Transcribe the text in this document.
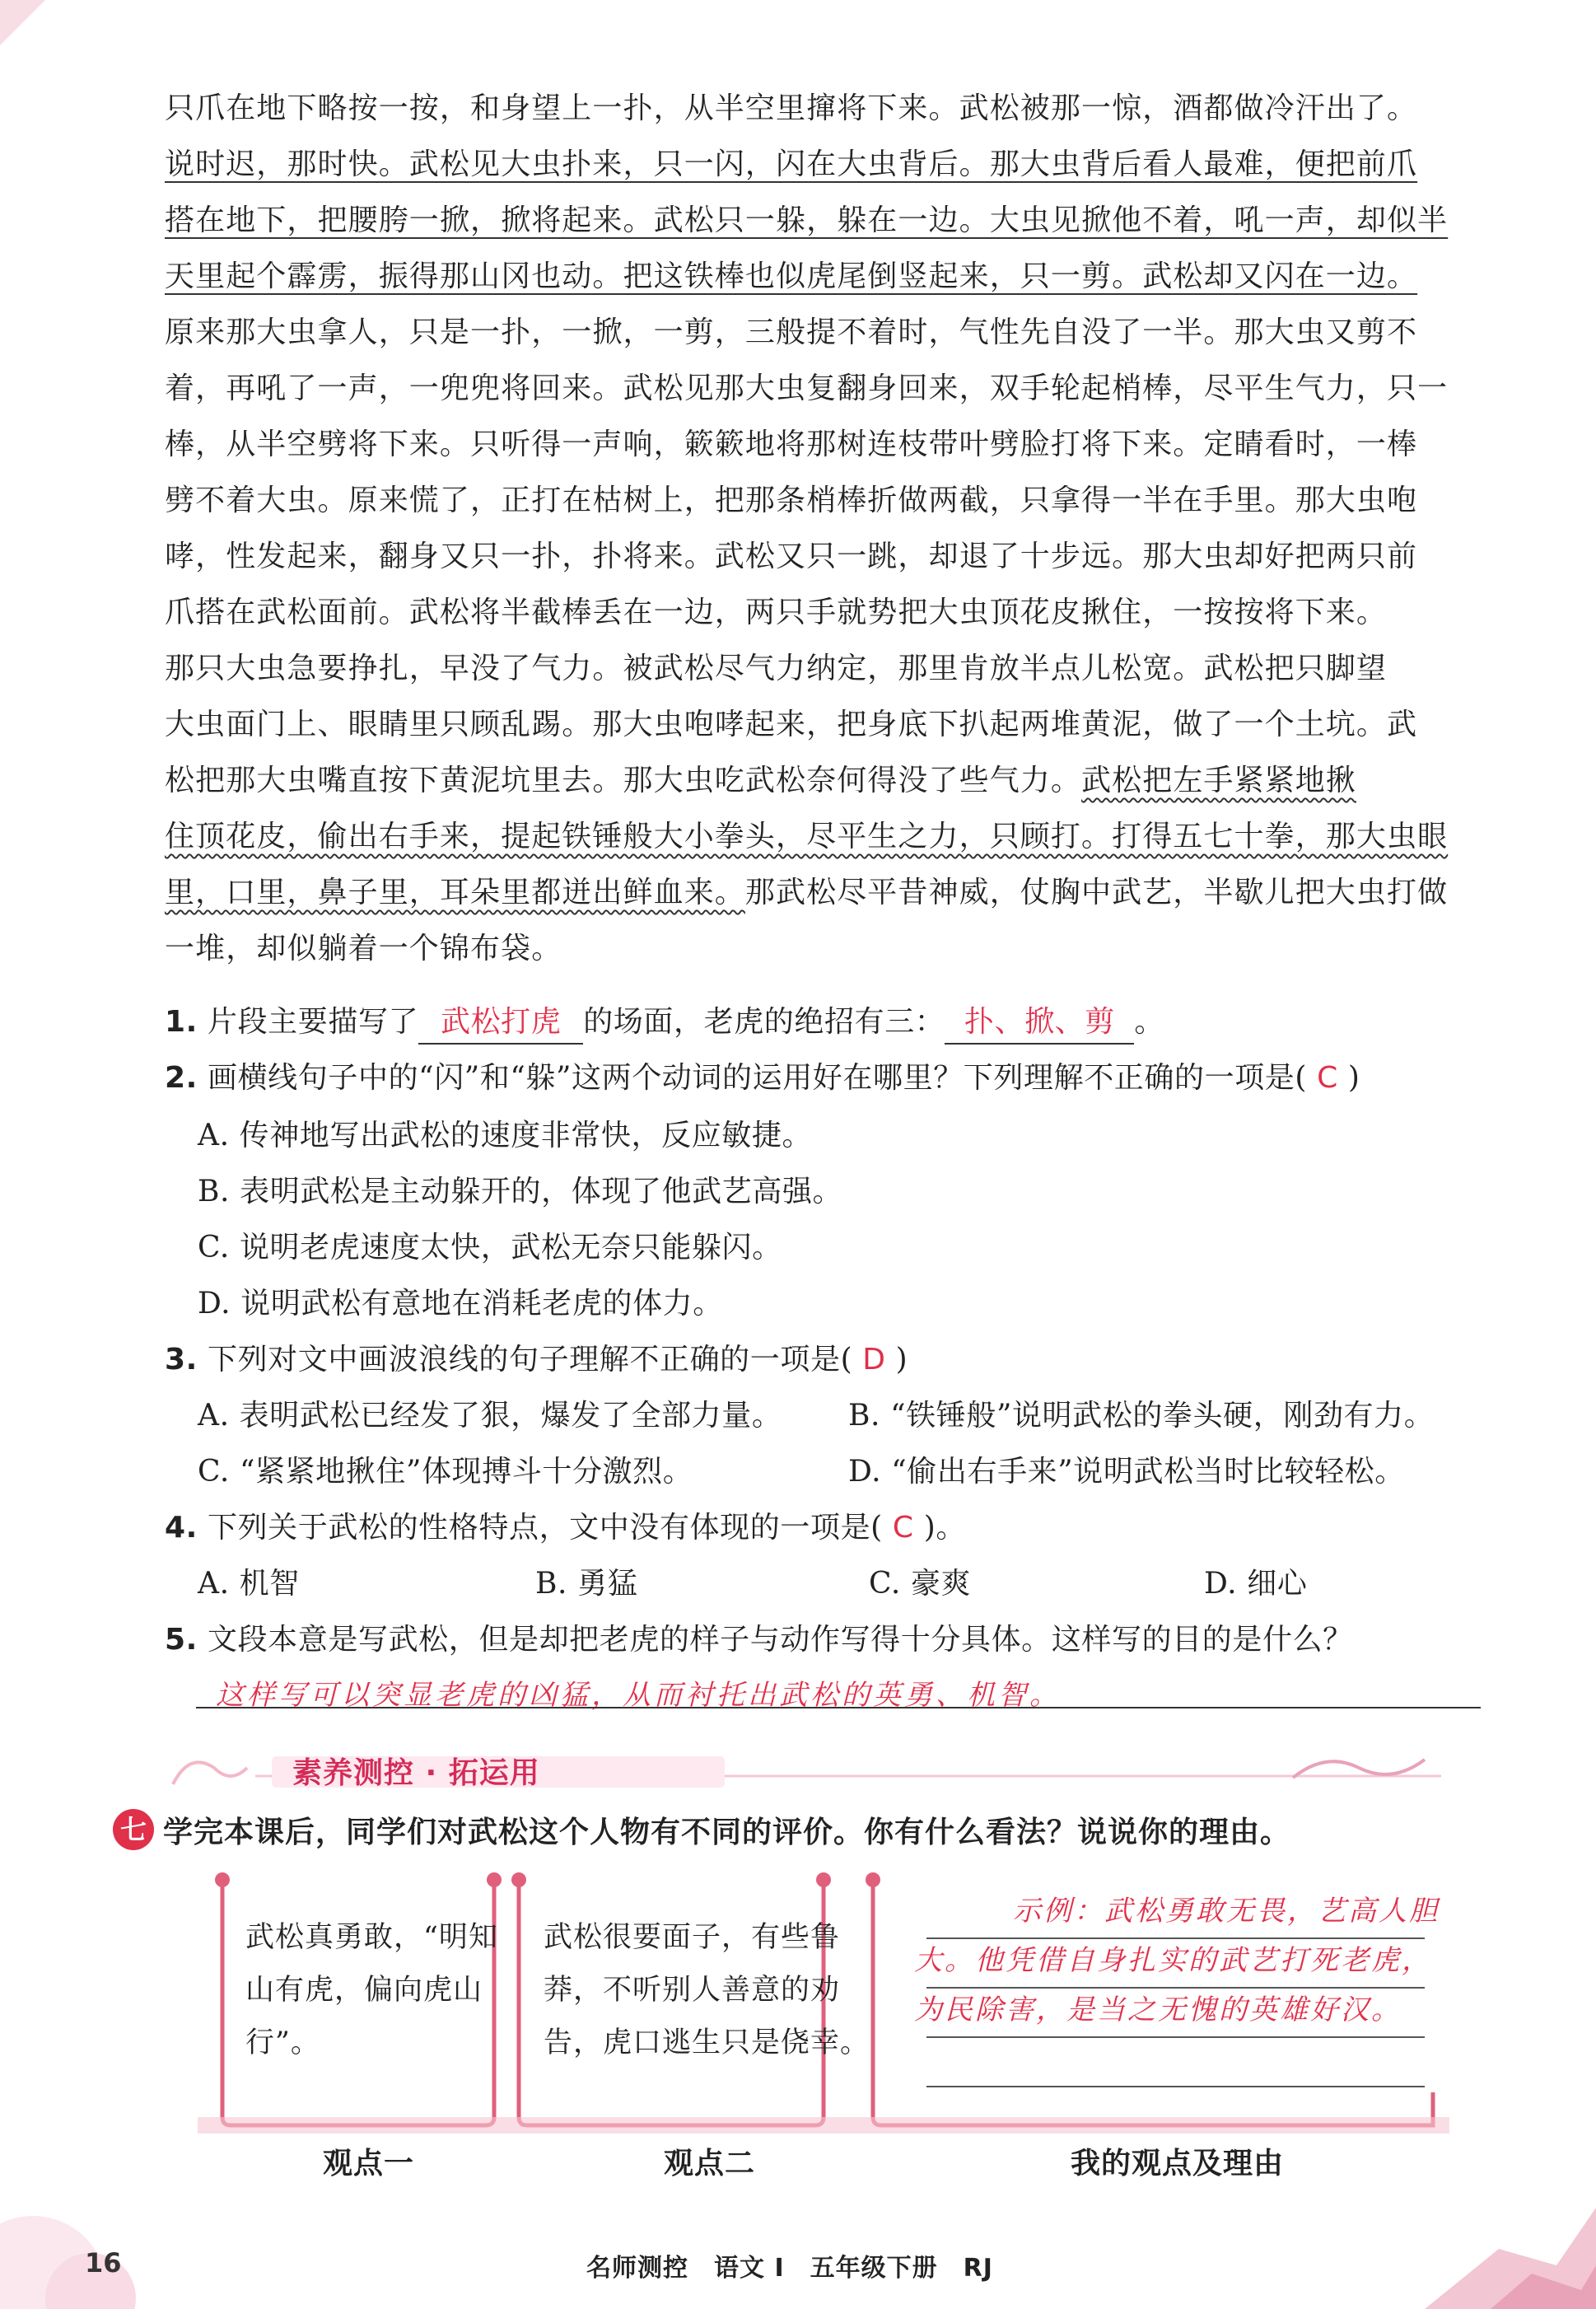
只爪在地下略按一按，和身望上一扑，从半空里撺将下来。武松被那一惊，酒都做冷汗出了。
说时迟，那时快。武松见大虫扑来，只一闪，闪在大虫背后。那大虫背后看人最难，便把前爪
搭在地下，把腰胯一掀，掀将起来。武松只一躲，躲在一边。大虫见掀他不着，吼一声，却似半
天里起个霹雳，振得那山冈也动。把这铁棒也似虎尾倒竖起来，只一剪。武松却又闪在一边。
原来那大虫拿人，只是一扑，一掀，一剪，三般提不着时，气性先自没了一半。那大虫又剪不
着，再吼了一声，一兜兜将回来。武松见那大虫复翻身回来，双手轮起梢棒，尽平生气力，只一
棒，从半空劈将下来。只听得一声响，簌簌地将那树连枝带叶劈脸打将下来。定睛看时，一棒
劈不着大虫。原来慌了，正打在枯树上，把那条梢棒折做两截，只拿得一半在手里。那大虫咆
哮，性发起来，翻身又只一扑，扑将来。武松又只一跳，却退了十步远。那大虫却好把两只前
爪搭在武松面前。武松将半截棒丢在一边，两只手就势把大虫顶花皮揪住，一按按将下来。
那只大虫急要挣扎，早没了气力。被武松尽气力纳定，那里肯放半点儿松宽。武松把只脚望
大虫面门上、眼睛里只顾乱踢。那大虫咆哮起来，把身底下扒起两堆黄泥，做了一个土坑。武
松把那大虫嘴直按下黄泥坑里去。那大虫吃武松奈何得没了些气力。武松把左手紧紧地揪
住顶花皮，偷出右手来，提起铁锤般大小拳头，尽平生之力，只顾打。打得五七十拳，那大虫眼
里，口里，鼻子里，耳朵里都迸出鲜血来。那武松尽平昔神威，仗胸中武艺，半歇儿把大虫打做
一堆，却似躺着一个锦布袋。
1. 片段主要描写了 武松打虎 的场面，老虎的绝招有三： 扑、掀、剪 。
2. 画横线句子中的“闪”和“躲”这两个动词的运用好在哪里？下列理解不正确的一项是( C )
A. 传神地写出武松的速度非常快，反应敏捷。
B. 表明武松是主动躲开的，体现了他武艺高强。
C. 说明老虎速度太快，武松无奈只能躲闪。
D. 说明武松有意地在消耗老虎的体力。
3. 下列对文中画波浪线的句子理解不正确的一项是( D )
A. 表明武松已经发了狠，爆发了全部力量。 B. “铁锤般”说明武松的拳头硬，刚劲有力。
C. “紧紧地揪住”体现搏斗十分激烈。	D. “偷出右手来”说明武松当时比较轻松。
4. 下列关于武松的性格特点，文中没有体现的一项是( C )。
A. 机智	B. 勇猛	C. 豪爽	D. 细心
5. 文段本意是写武松，但是却把老虎的样子与动作写得十分具体。这样写的目的是什么？
这样写可以突显老虎的凶猛，从而衬托出武松的英勇、机智。
素养测控 · 拓运用
七 学完本课后，同学们对武松这个人物有不同的评价。你有什么看法？说说你的理由。
武松真勇敢，“明知山有虎，偏向虎山行”。
武松很要面子，有些鲁莽，不听别人善意的劝告，虎口逃生只是侥幸。
示例：武松勇敢无畏，艺高人胆大。他凭借自身扎实的武艺打死老虎，为民除害，是当之无愧的英雄好汉。
观点一	观点二	我的观点及理由
16	名师测控　语文 I　五年级下册　RJ
